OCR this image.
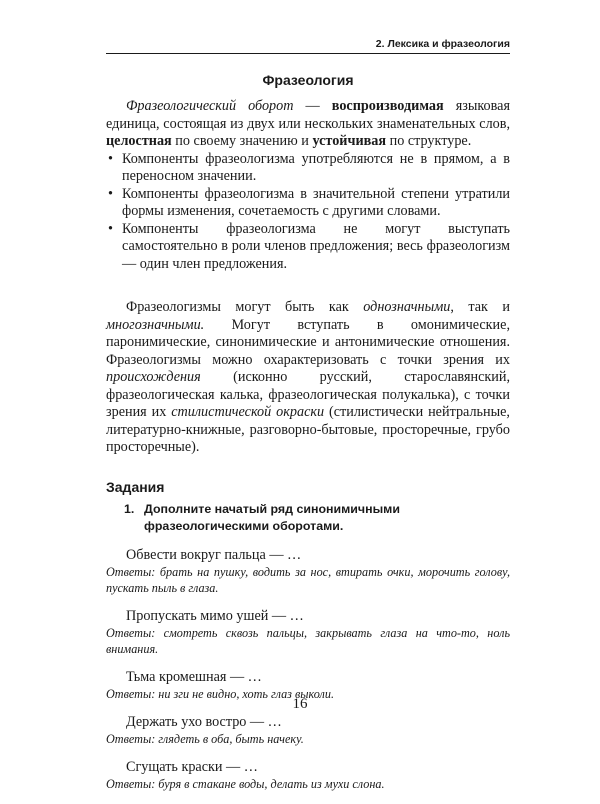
2. Лексика и фразеология
Фразеология

Фразеологический оборот — воспроизводимая языковая единица, состоящая из двух или нескольких знаменательных слов, целостная по своему значению и устойчивая по структуре.

• Компоненты фразеологизма употребляются не в прямом, а в переносном значении.
• Компоненты фразеологизма в значительной степени утратили формы изменения, сочетаемость с другими словами.
• Компоненты фразеологизма не могут выступать самостоятельно в роли членов предложения; весь фразеологизм — один член предложения.

Фразеологизмы могут быть как однозначными, так и многозначными. Могут вступать в омонимические, паронимические, синонимические и антонимические отношения. Фразеологизмы можно охарактеризовать с точки зрения их происхождения (исконно русский, старославянский, фразеологическая калька, фразеологическая полукалька), с точки зрения их стилистической окраски (стилистически нейтральные, литературно-книжные, разговорно-бытовые, просторечные, грубо просторечные).

Задания
1. Дополните начатый ряд синонимичными фразеологическими оборотами.
Обвести вокруг пальца — …
Ответы: брать на пушку, водить за нос, втирать очки, морочить голову, пускать пыль в глаза.
Пропускать мимо ушей — …
Ответы: смотреть сквозь пальцы, закрывать глаза на что-то, ноль внимания.
Тьма кромешная — …
Ответы: ни зги не видно, хоть глаз выколи.
Держать ухо востро — …
Ответы: глядеть в оба, быть начеку.
Сгущать краски — …
Ответы: буря в стакане воды, делать из мухи слона.
16
